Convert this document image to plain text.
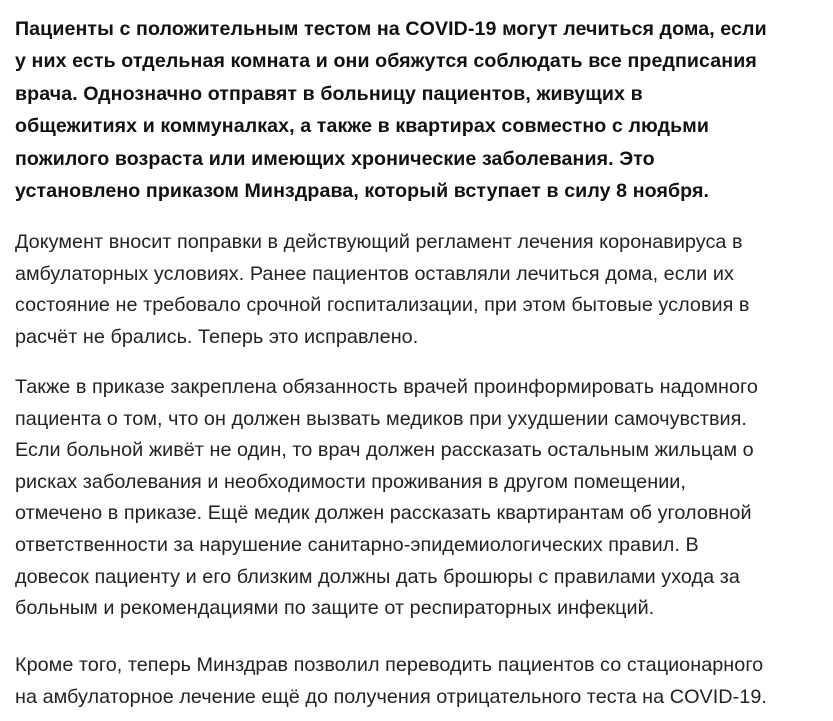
Пациенты с положительным тестом на COVID-19 могут лечиться дома, если
у них есть отдельная комната и они обяжутся соблюдать все предписания
врача. Однозначно отправят в больницу пациентов, живущих в
общежитиях и коммуналках, а также в квартирах совместно с людьми
пожилого возраста или имеющих хронические заболевания. Это
установлено приказом Минздрава, который вступает в силу 8 ноября.

Документ вносит поправки в действующий регламент лечения коронавируса в
амбулаторных условиях. Ранее пациентов оставляли лечиться дома, если их
состояние не требовало срочной госпитализации, при этом бытовые условия в
расчёт не брались. Теперь это исправлено.

Также в приказе закреплена обязанность врачей проинформировать надомного
пациента о том, что он должен вызвать медиков при ухудшении самочувствия.
Если больной живёт не один, то врач должен рассказать остальным жильцам о
рисках заболевания и необходимости проживания в другом помещении,
отмечено в приказе. Ещё медик должен рассказать квартирантам об уголовной
ответственности за нарушение санитарно-эпидемиологических правил. В
довесок пациенту и его близким должны дать брошюры с правилами ухода за
больным и рекомендациями по защите от респираторных инфекций.

Кроме того, теперь Минздрав позволил переводить пациентов со стационарного
на амбулаторное лечение ещё до получения отрицательного теста на COVID-19.
